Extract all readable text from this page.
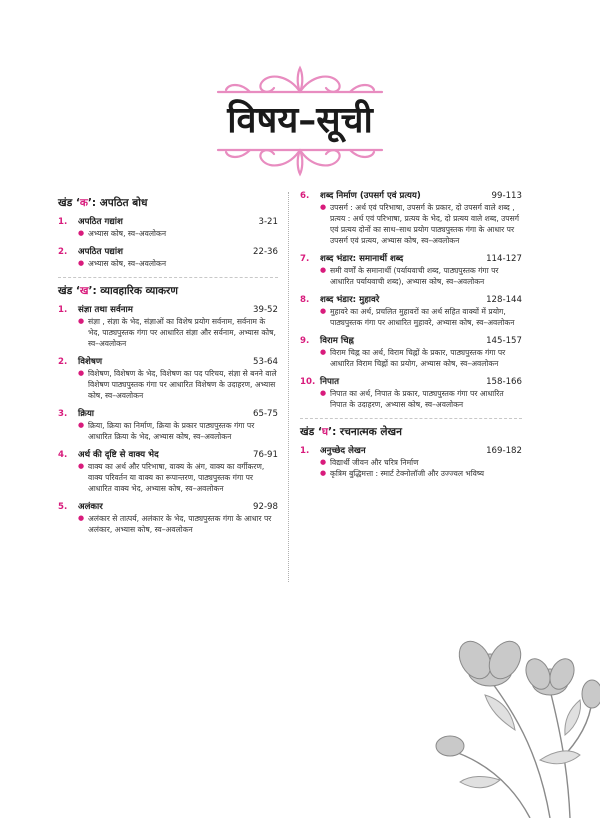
विषय–सूची
खंड ‘क’: अपठित बोध
1.	अपठित गद्यांश	3-21
● अभ्यास कोष, स्व–अवलोकन
2.	अपठित पद्यांश	22-36
● अभ्यास कोष, स्व–अवलोकन
खंड ‘ख’: व्यावहारिक व्याकरण
1.	संज्ञा तथा सर्वनाम	39-52
● संज्ञा , संज्ञा के भेद, संज्ञाओं का विशेष प्रयोग सर्वनाम, सर्वनाम के भेद, पाठ्यपुस्तक गंगा पर आधारित संज्ञा और सर्वनाम, अभ्यास कोष, स्व–अवलोकन
2.	विशेषण	53-64
● विशेषण, विशेषण के भेद, विशेषण का पद परिचय, संज्ञा से बनने वाले विशेषण पाठ्यपुस्तक गंगा पर आधारित विशेषण के उदाहरण, अभ्यास कोष, स्व–अवलोकन
3.	क्रिया	65-75
● क्रिया, क्रिया का निर्माण, क्रिया के प्रकार पाठ्यपुस्तक गंगा पर आधारित क्रिया के भेद, अभ्यास कोष, स्व–अवलोकन
4.	अर्थ की दृष्टि से वाक्य भेद	76-91
● वाक्य का अर्थ और परिभाषा, वाक्य के अंग, वाक्य का वर्गीकरण, वाक्य परिवर्तन या वाक्य का रूपान्तरण, पाठ्यपुस्तक गंगा पर आधारित वाक्य भेद, अभ्यास कोष, स्व–अवलोकन
5.	अलंकार	92-98
● अलंकार से तात्पर्य, अलंकार के भेद, पाठ्यपुस्तक गंगा के आधार पर अलंकार, अभ्यास कोष, स्व–अवलोकन
6.	शब्द निर्माण (उपसर्ग एवं प्रत्यय)	99-113
● उपसर्ग : अर्थ एवं परिभाषा, उपसर्ग के प्रकार, दो उपसर्ग वाले शब्द , प्रत्यय : अर्थ एवं परिभाषा, प्रत्यय के भेद, दो प्रत्यय वाले शब्द, उपसर्ग एवं प्रत्यय दोनों का साथ–साथ प्रयोग पाठ्यपुस्तक गंगा के आधार पर उपसर्ग एवं प्रत्यय, अभ्यास कोष, स्व–अवलोकन
7.	शब्द भंडार: समानार्थी शब्द	114-127
● समी वर्णों के समानार्थी (पर्यायवाची शब्द, पाठ्यपुस्तक गंगा पर आधारित पर्यायवाची शब्द), अभ्यास कोष, स्व–अवलोकन
8.	शब्द भंडार: मुहावरे	128-144
● मुहावरे का अर्थ, प्रचलित मुहावरों का अर्थ सहित वाक्यों में प्रयोग, पाठ्यपुस्तक गंगा पर आधारित मुहावरे, अभ्यास कोष, स्व–अवलोकन
9.	विराम चिह्न	145-157
● विराम चिह्न का अर्थ, विराम चिह्नों के प्रकार, पाठ्यपुस्तक गंगा पर आधारित विराम चिह्नों का प्रयोग, अभ्यास कोष, स्व–अवलोकन
10. निपात	158-166
● निपात का अर्थ, निपात के प्रकार, पाठ्यपुस्तक गंगा पर आधारित निपात के उदाहरण, अभ्यास कोष, स्व–अवलोकन
खंड ‘घ’: रचनात्मक लेखन
1.	अनुच्छेद लेखन	169-182
● विद्यार्थी जीवन और चरित्र निर्माण
● कृत्रिम बुद्धिमत्ता : स्मार्ट टेक्नोलॉजी और उज्ज्वल भविष्य
